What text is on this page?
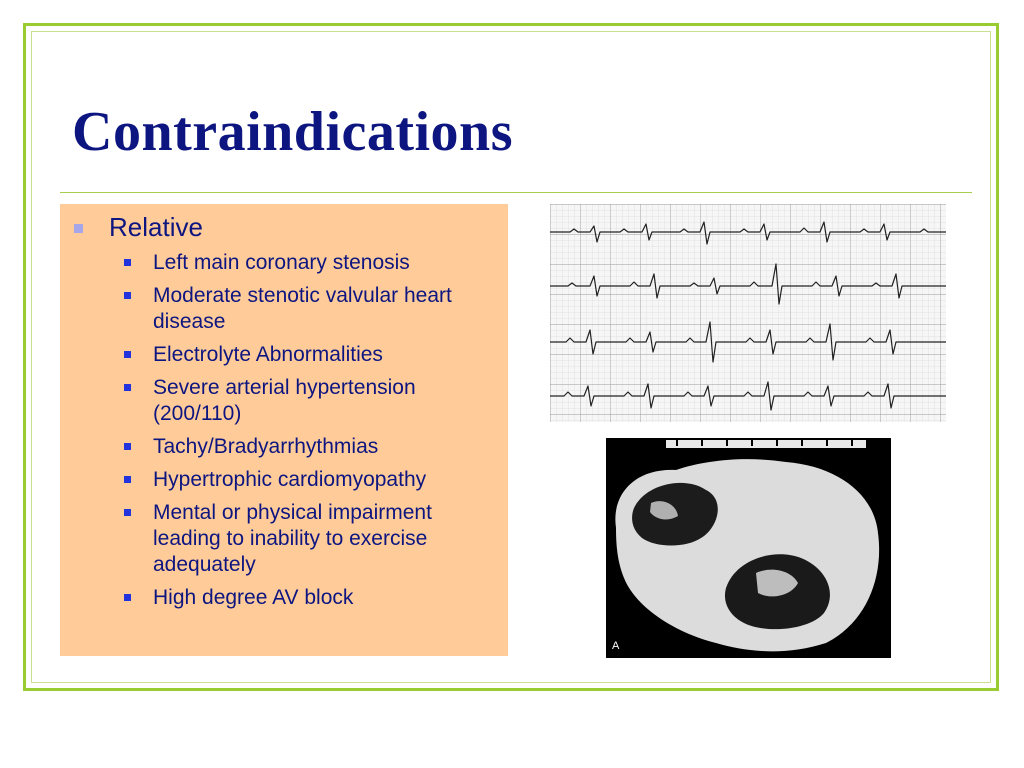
Contraindications
Relative
Left main coronary stenosis
Moderate stenotic valvular heart disease
Electrolyte Abnormalities
Severe arterial hypertension (200/110)
Tachy/Bradyarrhythmias
Hypertrophic cardiomyopathy
Mental or physical impairment leading to inability to exercise adequately
High degree AV block
A
